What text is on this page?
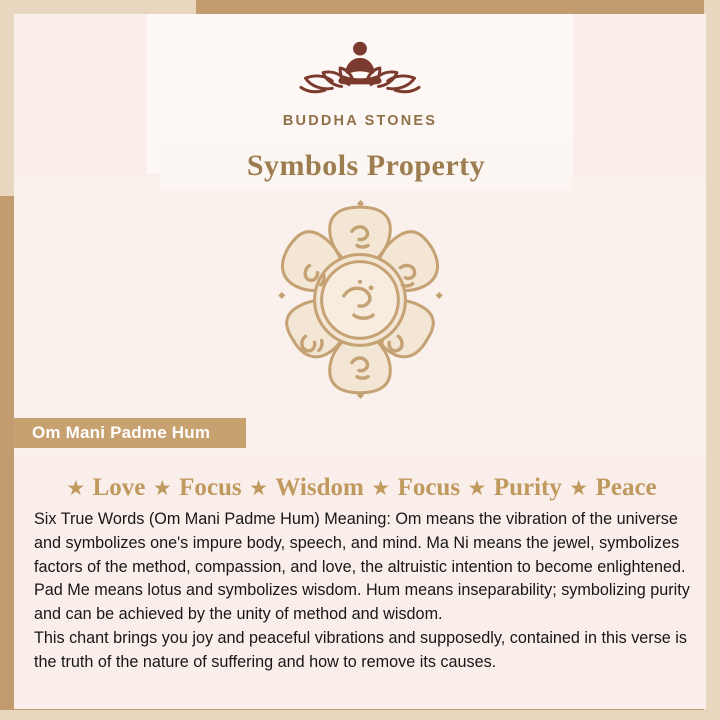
BUDDHA STONES
Symbols Property
Om Mani Padme Hum
★ Love ★ Focus ★ Wisdom ★ Focus ★ Purity ★ Peace

Six True Words (Om Mani Padme Hum) Meaning: Om means the vibration of the universe and symbolizes one's impure body, speech, and mind. Ma Ni means the jewel, symbolizes factors of the method, compassion, and love, the altruistic intention to become enlightened. Pad Me means lotus and symbolizes wisdom. Hum means inseparability; symbolizing purity and can be achieved by the unity of method and wisdom.

This chant brings you joy and peaceful vibrations and supposedly, contained in this verse is the truth of the nature of suffering and how to remove its causes.
